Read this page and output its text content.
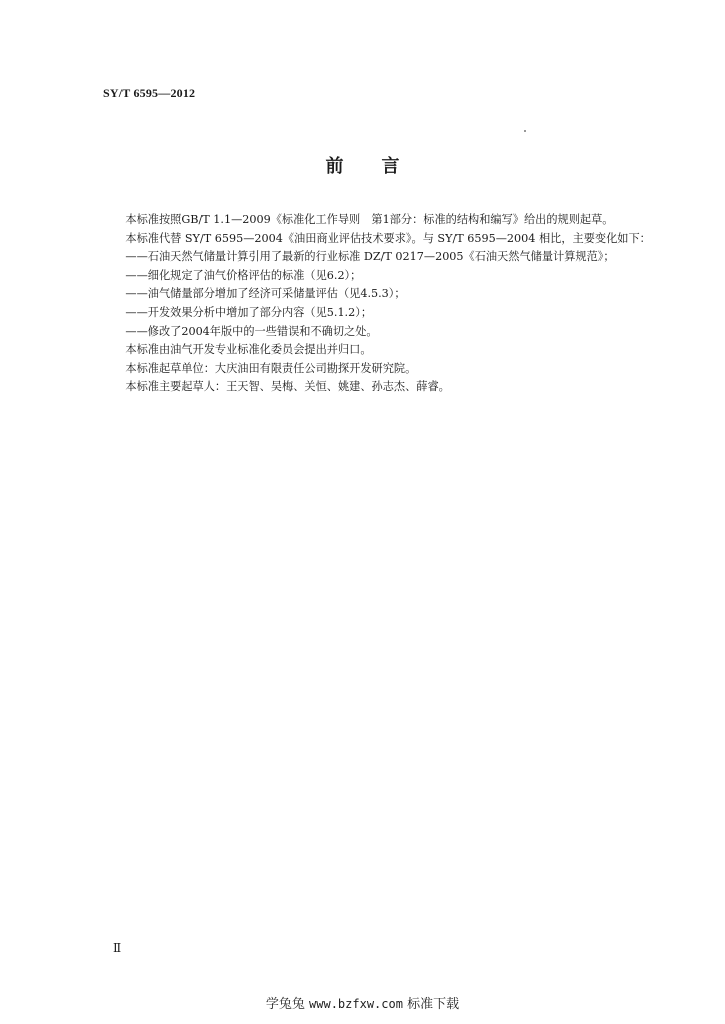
SY/T 6595—2012
前 言

本标准按照GB/T 1.1—2009《标准化工作导则　第1部分：标准的结构和编写》给出的规则起草。

本标准代替 SY/T 6595—2004《油田商业评估技术要求》。与 SY/T 6595—2004 相比，主要变化如下：

——石油天然气储量计算引用了最新的行业标准 DZ/T 0217—2005《石油天然气储量计算规范》；

——细化规定了油气价格评估的标准（见6.2）；

——油气储量部分增加了经济可采储量评估（见4.5.3）；

——开发效果分析中增加了部分内容（见5.1.2）；

——修改了2004年版中的一些错误和不确切之处。

本标准由油气开发专业标准化委员会提出并归口。

本标准起草单位：大庆油田有限责任公司勘探开发研究院。

本标准主要起草人：王天智、吴梅、关恒、姚建、孙志杰、薛睿。

Ⅱ
学兔兔 www.bzfxw.com 标准下载
